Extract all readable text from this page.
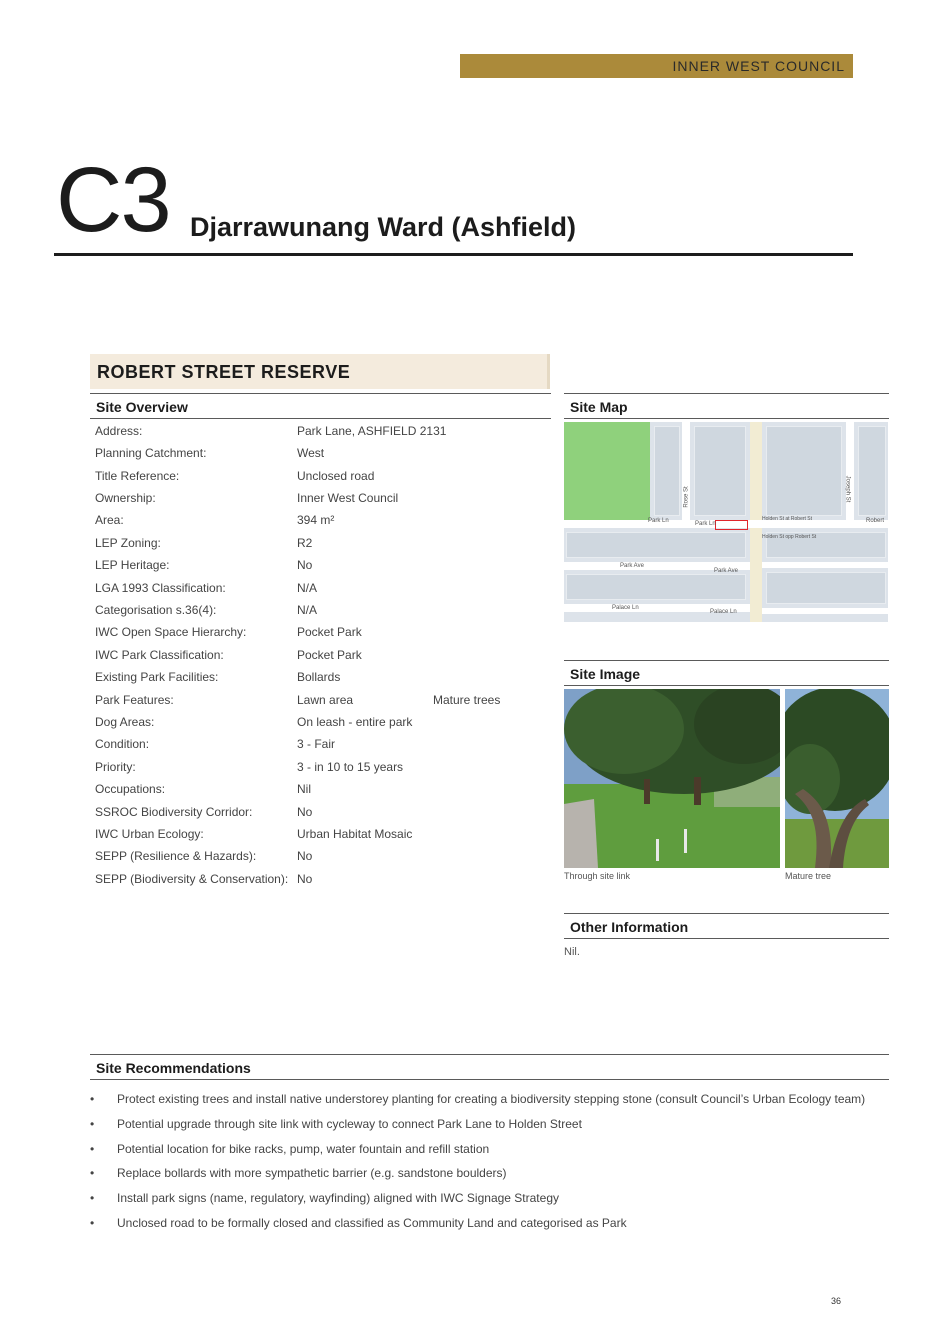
INNER WEST COUNCIL
C3 Djarrawunang Ward (Ashfield)
ROBERT STREET RESERVE
Site Overview
Address:	Park Lane, ASHFIELD 2131
Planning Catchment:	West
Title Reference:	Unclosed road
Ownership:	Inner West Council
Area:	394 m²
LEP Zoning:	R2
LEP Heritage:	No
LGA 1993 Classification:	N/A
Categorisation s.36(4):	N/A
IWC Open Space Hierarchy:	Pocket Park
IWC Park Classification:	Pocket Park
Existing Park Facilities:	Bollards
Park Features:	Lawn area	Mature trees
Dog Areas:	On leash - entire park
Condition:	3 - Fair
Priority:	3 - in 10 to 15 years
Occupations:	Nil
SSROC Biodiversity Corridor:	No
IWC Urban Ecology:	Urban Habitat Mosaic
SEPP (Resilience & Hazards):	No
SEPP (Biodiversity & Conservation): No
Site Map
Rose St	Joseph St
Park Ln	Park Ln	Robert
Park Ave
Park Ave
Palace Ln
Palace Ln
Holden St at Robert St
Holden St opp Robert St
Site Image
Through site link	Mature tree
Other Information
Nil.
Site Recommendations
• Protect existing trees and install native understorey planting for creating a biodiversity stepping stone (consult Council’s Urban Ecology team)
• Potential upgrade through site link with cycleway to connect Park Lane to Holden Street
• Potential location for bike racks, pump, water fountain and refill station
• Replace bollards with more sympathetic barrier (e.g. sandstone boulders)
• Install park signs (name, regulatory, wayfinding) aligned with IWC Signage Strategy
• Unclosed road to be formally closed and classified as Community Land and categorised as Park
36
